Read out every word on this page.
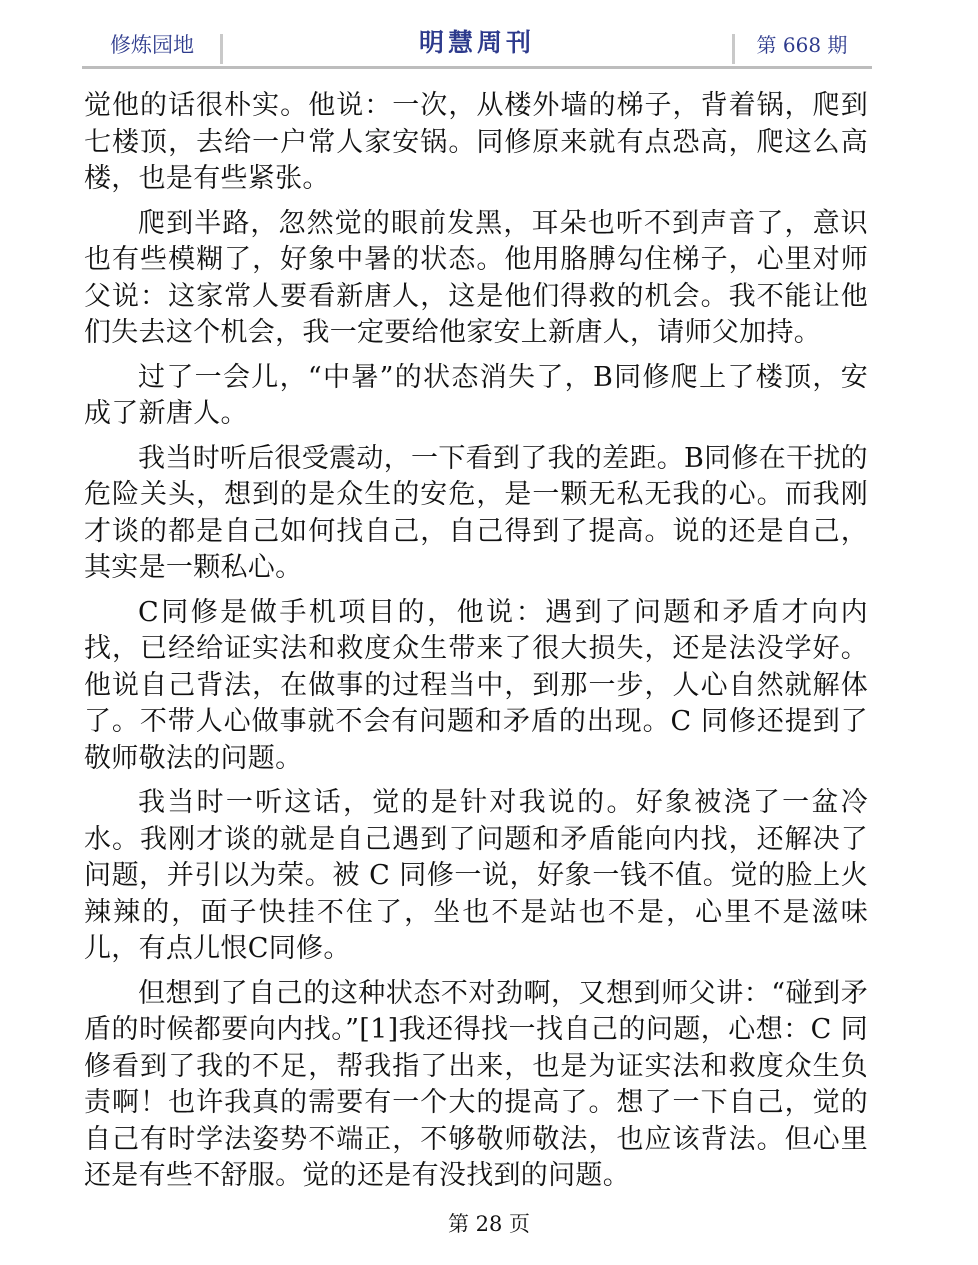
修炼园地	明慧周刊	第 668 期

觉他的话很朴实。他说：一次，从楼外墙的梯子，背着锅，爬到七楼顶，去给一户常人家安锅。同修原来就有点恐高，爬这么高楼，也是有些紧张。

爬到半路，忽然觉的眼前发黑，耳朵也听不到声音了，意识也有些模糊了，好象中暑的状态。他用胳膊勾住梯子，心里对师父说：这家常人要看新唐人，这是他们得救的机会。我不能让他们失去这个机会，我一定要给他家安上新唐人，请师父加持。

过了一会儿，“中暑”的状态消失了，B同修爬上了楼顶，安成了新唐人。

我当时听后很受震动，一下看到了我的差距。B同修在干扰的危险关头，想到的是众生的安危，是一颗无私无我的心。而我刚才谈的都是自己如何找自己，自己得到了提高。说的还是自己，其实是一颗私心。

C同修是做手机项目的，他说：遇到了问题和矛盾才向内找，已经给证实法和救度众生带来了很大损失，还是法没学好。他说自己背法，在做事的过程当中，到那一步，人心自然就解体了。不带人心做事就不会有问题和矛盾的出现。C 同修还提到了敬师敬法的问题。

我当时一听这话，觉的是针对我说的。好象被浇了一盆冷水。我刚才谈的就是自己遇到了问题和矛盾能向内找，还解决了问题，并引以为荣。被 C 同修一说，好象一钱不值。觉的脸上火辣辣的，面子快挂不住了，坐也不是站也不是，心里不是滋味儿，有点儿恨C同修。

但想到了自己的这种状态不对劲啊，又想到师父讲：“碰到矛盾的时候都要向内找。”[1]我还得找一找自己的问题，心想：C 同修看到了我的不足，帮我指了出来，也是为证实法和救度众生负责啊！也许我真的需要有一个大的提高了。想了一下自己，觉的自己有时学法姿势不端正，不够敬师敬法，也应该背法。但心里还是有些不舒服。觉的还是有没找到的问题。

第 28 页
